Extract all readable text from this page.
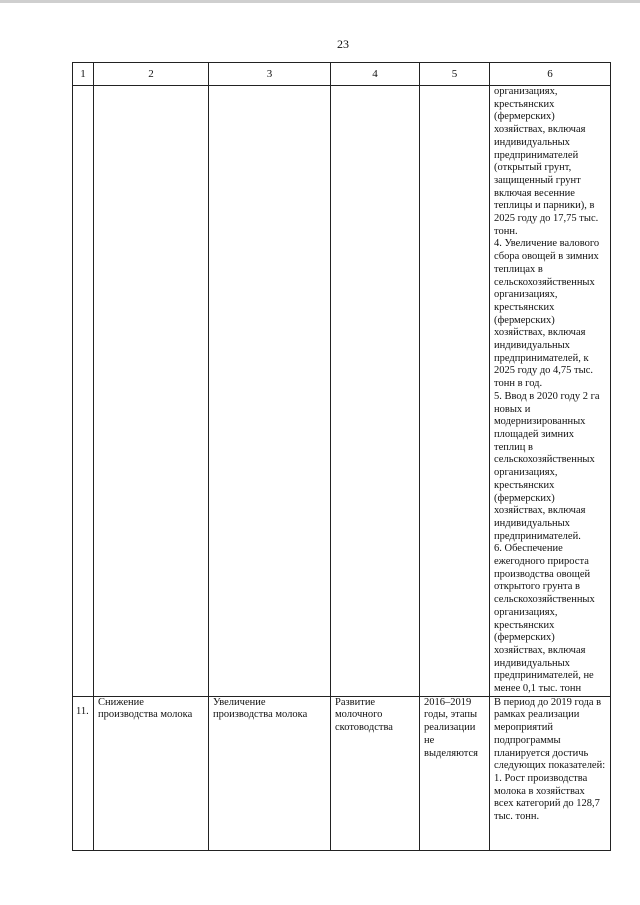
23
1	2	3	4	5	6

					организациях, крестьянских (фермерских) хозяйствах, включая индивидуальных предпринимателей (открытый грунт, защищенный грунт включая весенние теплицы и парники), в 2025 году до 17,75 тыс. тонн.

4. Увеличение валового сбора овощей в зимних теплицах в сельскохозяйственных организациях, крестьянских (фермерских) хозяйствах, включая индивидуальных предпринимателей, к 2025 году до 4,75 тыс. тонн в год.

5. Ввод в 2020 году 2 га новых и модернизированных площадей зимних теплиц в сельскохозяйственных организациях, крестьянских (фермерских) хозяйствах, включая индивидуальных предпринимателей.

6. Обеспечение ежегодного прироста производства овощей открытого грунта в сельскохозяйственных организациях, крестьянских (фермерских) хозяйствах, включая индивидуальных предпринимателей, не менее 0,1 тыс. тонн

11.	Снижение производства молока	Увеличение производства молока	Развитие молочного скотоводства	2016–2019 годы, этапы реализации не выделяются	В период до 2019 года в рамках реализации мероприятий подпрограммы планируется достичь следующих показателей:

1. Рост производства молока в хозяйствах всех категорий до 128,7 тыс. тонн.
